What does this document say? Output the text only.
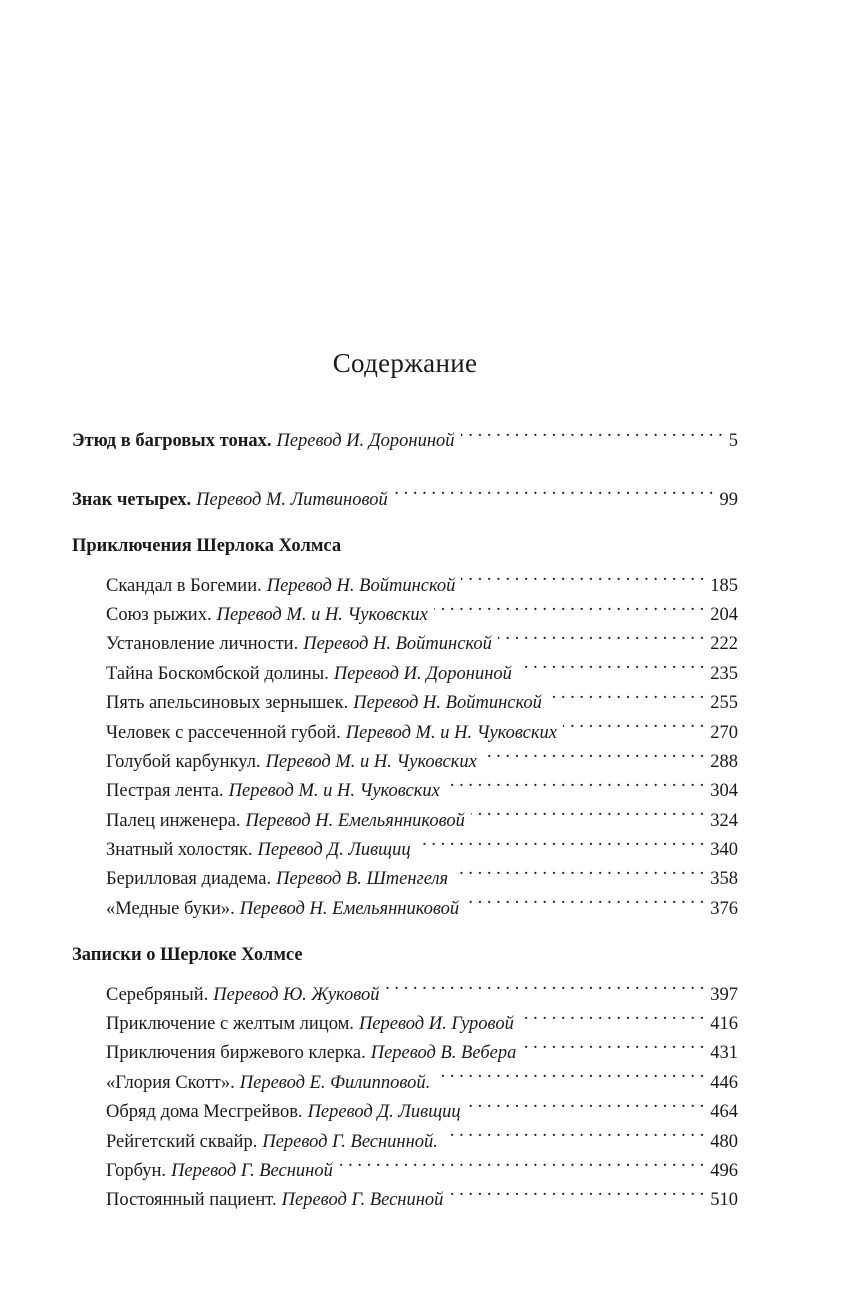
Содержание
Этюд в багровых тонах. Перевод И. Дорониной . . .	5
Знак четырех. Перевод М. Литвиновой . . .	99
Приключения Шерлока Холмса
Скандал в Богемии. Перевод Н. Войтинской . . .	185
Союз рыжих. Перевод М. и Н. Чуковских . . .	204
Установление личности. Перевод Н. Войтинской . . .	222
Тайна Боскомбской долины. Перевод И. Дорониной . . .	235
Пять апельсиновых зернышек. Перевод Н. Войтинской . . .	255
Человек с рассеченной губой. Перевод М. и Н. Чуковских . . .	270
Голубой карбункул. Перевод М. и Н. Чуковских . . .	288
Пестрая лента. Перевод М. и Н. Чуковских . . .	304
Палец инженера. Перевод Н. Емельянниковой . . .	324
Знатный холостяк. Перевод Д. Ливщиц . . .	340
Берилловая диадема. Перевод В. Штенгеля . . .	358
«Медные буки». Перевод Н. Емельянниковой . . .	376
Записки о Шерлоке Холмсе
Серебряный. Перевод Ю. Жуковой . . .	397
Приключение с желтым лицом. Перевод И. Гуровой . . .	416
Приключения биржевого клерка. Перевод В. Вебера . . .	431
«Глория Скотт». Перевод Е. Филипповой. . . .	446
Обряд дома Месгрейвов. Перевод Д. Ливщиц . . .	464
Рейгетский сквайр. Перевод Г. Веснинной. . . .	480
Горбун. Перевод Г. Весниной . . .	496
Постоянный пациент. Перевод Г. Весниной . . .	510
